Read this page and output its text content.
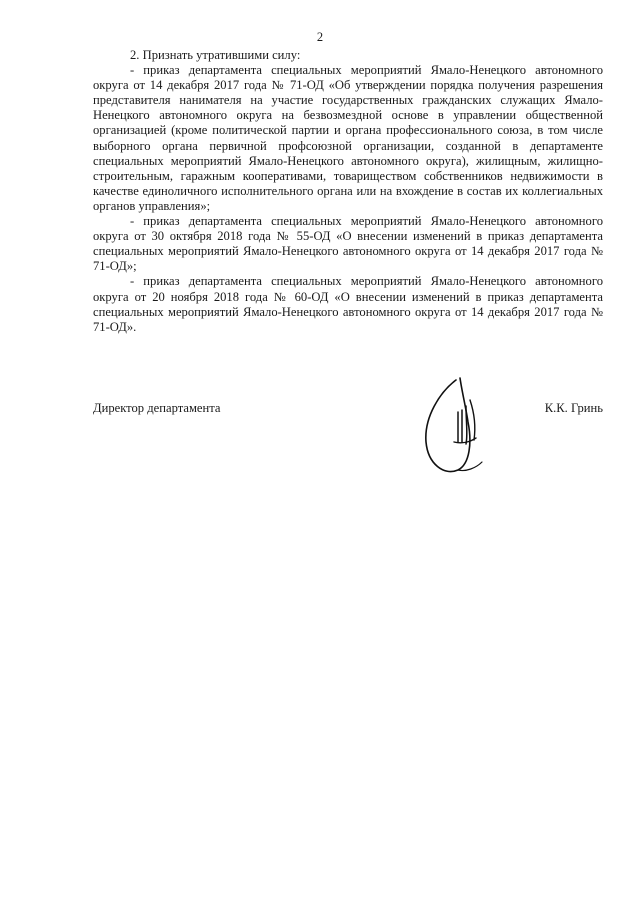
2

2. Признать утратившими силу:

- приказ департамента специальных мероприятий Ямало-Ненецкого автономного округа от 14 декабря 2017 года № 71-ОД «Об утверждении порядка получения разрешения представителя нанимателя на участие государственных гражданских служащих Ямало-Ненецкого автономного округа на безвозмездной основе в управлении общественной организацией (кроме политической партии и органа профессионального союза, в том числе выборного органа первичной профсоюзной организации, созданной в департаменте специальных мероприятий Ямало-Ненецкого автономного округа), жилищным, жилищно-строительным, гаражным кооперативами, товариществом собственников недвижимости в качестве единоличного исполнительного органа или на вхождение в состав их коллегиальных органов управления»;

- приказ департамента специальных мероприятий Ямало-Ненецкого автономного округа от 30 октября 2018 года № 55-ОД «О внесении изменений в приказ департамента специальных мероприятий Ямало-Ненецкого автономного округа от 14 декабря 2017 года № 71-ОД»;

- приказ департамента специальных мероприятий Ямало-Ненецкого автономного округа от 20 ноября 2018 года № 60-ОД «О внесении изменений в приказ департамента специальных мероприятий Ямало-Ненецкого автономного округа от 14 декабря 2017 года № 71-ОД».

Директор департамента	К.К. Гринь
